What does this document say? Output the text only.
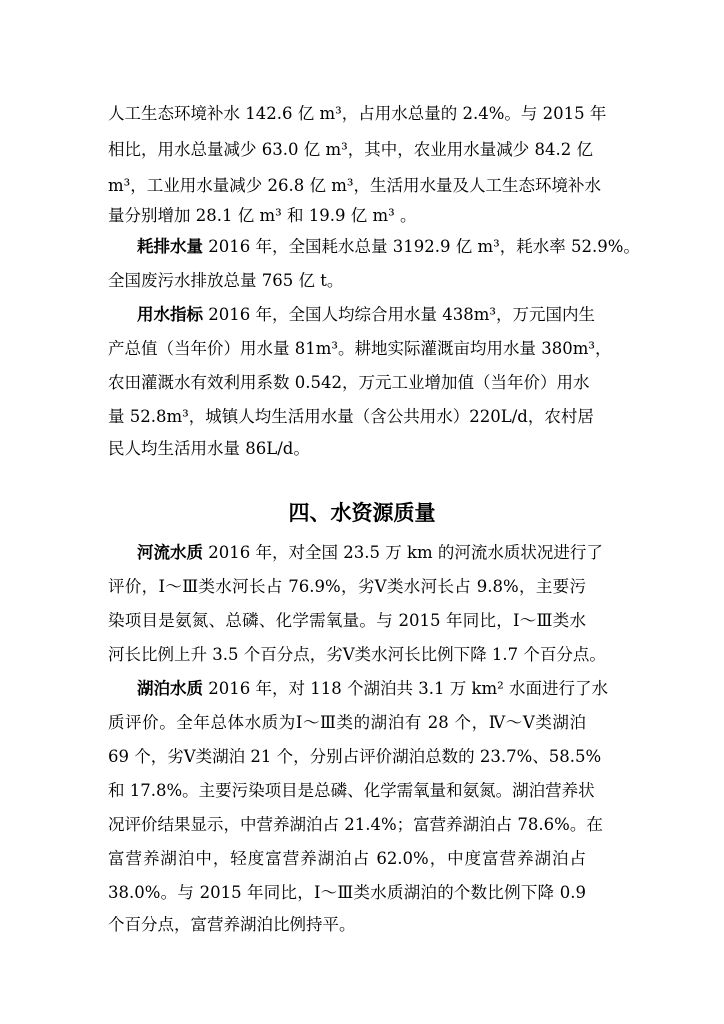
人工生态环境补水 142.6 亿 m³，占用水总量的 2.4%。与 2015 年
相比，用水总量减少 63.0 亿 m³，其中，农业用水量减少 84.2 亿
m³，工业用水量减少 26.8 亿 m³，生活用水量及人工生态环境补水
量分别增加 28.1 亿 m³ 和 19.9 亿 m³ 。
耗排水量 2016 年，全国耗水总量 3192.9 亿 m³，耗水率 52.9%。
全国废污水排放总量 765 亿 t。
用水指标 2016 年，全国人均综合用水量 438m³，万元国内生
产总值（当年价）用水量 81m³。耕地实际灌溉亩均用水量 380m³，
农田灌溉水有效利用系数 0.542，万元工业增加值（当年价）用水
量 52.8m³，城镇人均生活用水量（含公共用水）220L/d，农村居
民人均生活用水量 86L/d。
四、水资源质量
河流水质 2016 年，对全国 23.5 万 km 的河流水质状况进行了
评价，Ⅰ～Ⅲ类水河长占 76.9%，劣Ⅴ类水河长占 9.8%，主要污
染项目是氨氮、总磷、化学需氧量。与 2015 年同比，Ⅰ～Ⅲ类水
河长比例上升 3.5 个百分点，劣Ⅴ类水河长比例下降 1.7 个百分点。
湖泊水质 2016 年，对 118 个湖泊共 3.1 万 km² 水面进行了水
质评价。全年总体水质为Ⅰ～Ⅲ类的湖泊有 28 个，Ⅳ～Ⅴ类湖泊
69 个，劣Ⅴ类湖泊 21 个，分别占评价湖泊总数的 23.7%、58.5%
和 17.8%。主要污染项目是总磷、化学需氧量和氨氮。湖泊营养状
况评价结果显示，中营养湖泊占 21.4%；富营养湖泊占 78.6%。在
富营养湖泊中，轻度富营养湖泊占 62.0%，中度富营养湖泊占
38.0%。与 2015 年同比，Ⅰ～Ⅲ类水质湖泊的个数比例下降 0.9
个百分点，富营养湖泊比例持平。
